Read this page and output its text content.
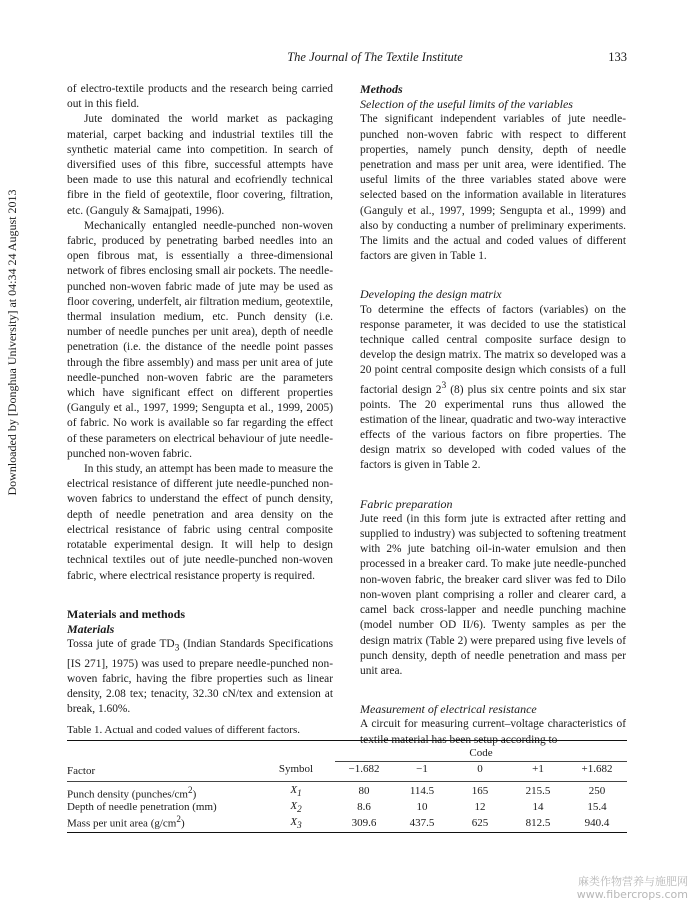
The Journal of The Textile Institute	133
Downloaded by [Donghua University] at 04:34 24 August 2013

of electro-textile products and the research being carried out in this field.

Jute dominated the world market as packaging material, carpet backing and industrial textiles till the synthetic material came into competition. In search of diversified uses of this fibre, successful attempts have been made to use this natural and ecofriendly technical fibre in the field of geotextile, floor covering, filtration, etc. (Ganguly & Samajpati, 1996).

Mechanically entangled needle-punched non-woven fabric, produced by penetrating barbed needles into an open fibrous mat, is essentially a three-dimensional network of fibres enclosing small air pockets. The needle-punched non-woven fabric made of jute may be used as floor covering, underfelt, air filtration medium, geotextile, thermal insulation medium, etc. Punch density (i.e. number of needle punches per unit area), depth of needle penetration (i.e. the distance of the needle point passes through the fibre assembly) and mass per unit area of jute needle-punched non-woven fabric are the parameters which have significant effect on different properties (Ganguly et al., 1997, 1999; Sengupta et al., 1999, 2005) of fabric. No work is available so far regarding the effect of these parameters on electrical behaviour of jute needle-punched non-woven fabric.

In this study, an attempt has been made to measure the electrical resistance of different jute needle-punched non-woven fabrics to understand the effect of punch density, depth of needle penetration and area density on the electrical resistance of fabric using central composite rotatable experimental design. It will help to design technical textiles out of jute needle-punched non-woven fabric, where electrical resistance property is required.

Materials and methods

Materials

Tossa jute of grade $TD_3$ (Indian Standards Specifications [IS 271], 1975) was used to prepare needle-punched non-woven fabric, having the fibre properties such as linear density, 2.08 tex; tenacity, 32.30 cN/tex and extension at break, 1.60%.

Methods

Selection of the useful limits of the variables

The significant independent variables of jute needle-punched non-woven fabric with respect to different properties, namely punch density, depth of needle penetration and mass per unit area, were identified. The useful limits of the three variables stated above were selected based on the information available in literatures (Ganguly et al., 1997, 1999; Sengupta et al., 1999) and also by conducting a number of preliminary experiments. The limits and the actual and coded values of different factors are given in Table 1.

Developing the design matrix

To determine the effects of factors (variables) on the response parameter, it was decided to use the statistical technique called central composite surface design to develop the design matrix. The matrix so developed was a 20 point central composite design which consists of a full factorial design $2^3$ (8) plus six centre points and six star points. The 20 experimental runs thus allowed the estimation of the linear, quadratic and two-way interactive effects of the various factors on fibre properties. The design matrix so developed with coded values of the factors is given in Table 2.

Fabric preparation

Jute reed (in this form jute is extracted after retting and supplied to industry) was subjected to softening treatment with 2% jute batching oil-in-water emulsion and then processed in a breaker card. To make jute needle-punched non-woven fabric, the breaker card sliver was fed to Dilo non-woven plant comprising a roller and clearer card, a camel back cross-lapper and needle punching machine (model number OD II/6). Twenty samples as per the design matrix (Table 2) were prepared using five levels of punch density, depth of needle penetration and mass per unit area.

Measurement of electrical resistance

A circuit for measuring current–voltage characteristics of textile material has been setup according to

Table 1. Actual and coded values of different factors.

		Code				
Factor	Symbol	−1.682	−1	0	+1	+1.682

Punch density $(punches/cm^2)$	$X_1$	80	114.5	165	215.5	250
Depth of needle penetration (mm)	$X_2$	8.6	10	12	14	15.4
Mass per unit area $(g/cm^2)$	$X_3$	309.6	437.5	625	812.5	940.4
麻类作物营养与施肥网
www.fibercrops.com
